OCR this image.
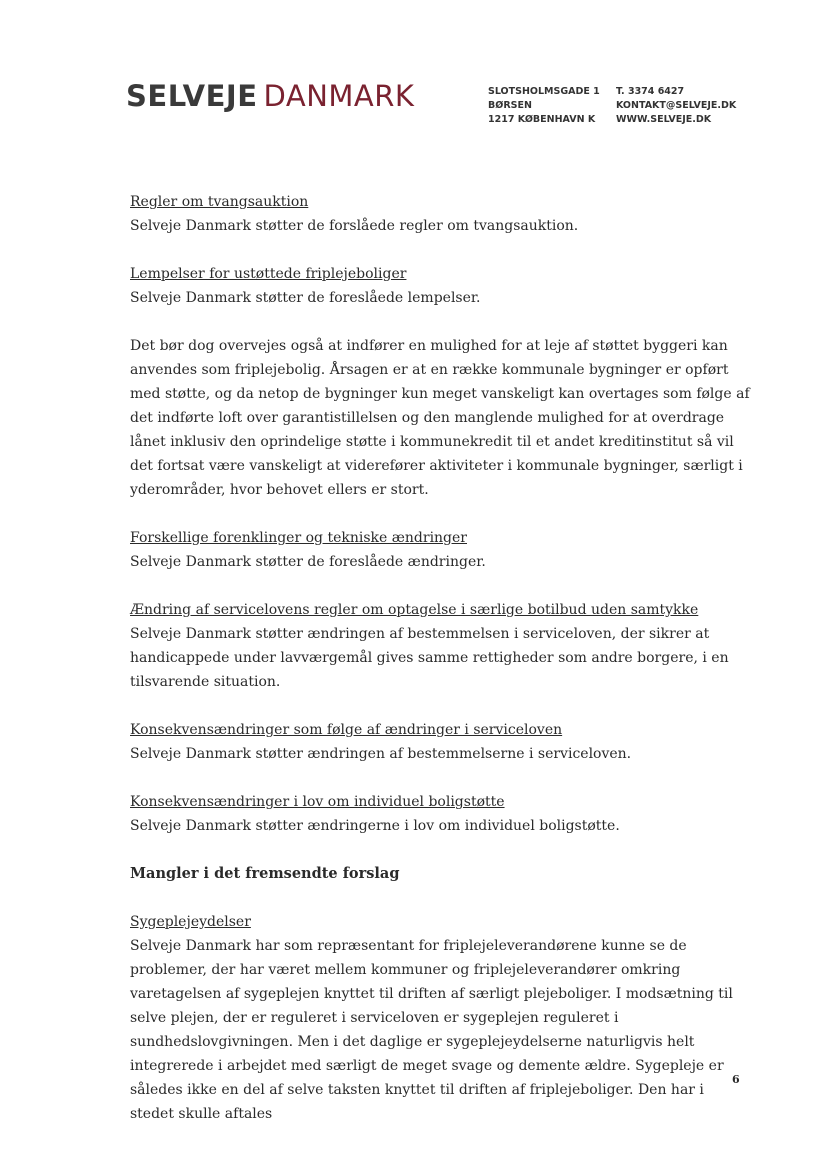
SELVEJE DANMARK	SLOTSHOLMSGADE 1
BØRSEN
1217 KØBENHAVN K
T. 3374 6427
KONTAKT@SELVEJE.DK
WWW.SELVEJE.DK
Regler om tvangsauktion
Selveje Danmark støtter de forslåede regler om tvangsauktion.
Lempelser for ustøttede friplejeboliger
Selveje Danmark støtter de foreslåede lempelser.
Det bør dog overvejes også at indfører en mulighed for at leje af støttet byggeri kan anvendes som friplejebolig. Årsagen er at en række kommunale bygninger er opført med støtte, og da netop de bygninger kun meget vanskeligt kan overtages som følge af det indførte loft over garantistillelsen og den manglende mulighed for at overdrage lånet inklusiv den oprindelige støtte i kommunekredit til et andet kreditinstitut så vil det fortsat være vanskeligt at viderefører aktiviteter i kommunale bygninger, særligt i yderområder, hvor behovet ellers er stort.
Forskellige forenklinger og tekniske ændringer
Selveje Danmark støtter de foreslåede ændringer.
Ændring af servicelovens regler om optagelse i særlige botilbud uden samtykke
Selveje Danmark støtter ændringen af bestemmelsen i serviceloven, der sikrer at handicappede under lavværgemål gives samme rettigheder som andre borgere, i en tilsvarende situation.
Konsekvensændringer som følge af ændringer i serviceloven
Selveje Danmark støtter ændringen af bestemmelserne i serviceloven.
Konsekvensændringer i lov om individuel boligstøtte
Selveje Danmark støtter ændringerne i lov om individuel boligstøtte.
Mangler i det fremsendte forslag
Sygeplejeydelser
Selveje Danmark har som repræsentant for friplejeleverandørene kunne se de problemer, der har været mellem kommuner og friplejeleverandører omkring varetagelsen af sygeplejen knyttet til driften af særligt plejeboliger. I modsætning til selve plejen, der er reguleret i serviceloven er sygeplejen reguleret i sundhedslovgivningen. Men i det daglige er sygeplejeydelserne naturligvis helt integrerede i arbejdet med særligt de meget svage og demente ældre. Sygepleje er således ikke en del af selve taksten knyttet til driften af friplejeboliger. Den har i stedet skulle aftales
6
